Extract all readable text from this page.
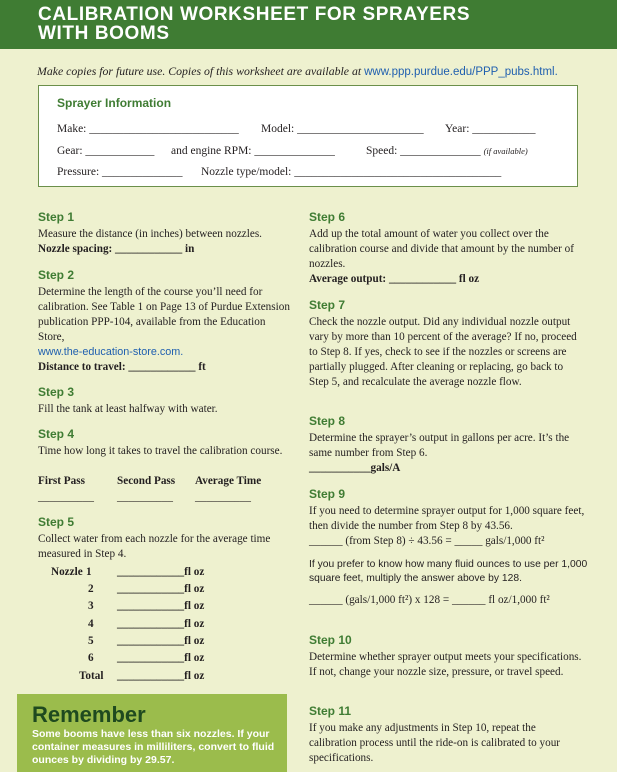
CALIBRATION WORKSHEET FOR SPRAYERS
WITH BOOMS
Make copies for future use. Copies of this worksheet are available at www.ppp.purdue.edu/PPP_pubs.html.
Sprayer Information
Make: __________________________ Model: ______________________ Year: ___________
Gear: ____________ and engine RPM: ______________	Speed: ______________ (if available)
Pressure: ______________ Nozzle type/model: ____________________________________
Step 1

Measure the distance (in inches) between nozzles.
Nozzle spacing: ____________ in

Step 2

Determine the length of the course you’ll need for calibration. See Table 1 on Page 13 of Purdue Extension publication PPP-104, available from the Education Store,
www.the-education-store.com.
Distance to travel: ____________ ft

Step 3

Fill the tank at least halfway with water.

Step 4

Time how long it takes to travel the calibration course.

First Pass	Second Pass Average Time
__________ __________ __________
Step 5

Collect water from each nozzle for the average time measured in Step 4.

Nozzle 1 ____________fl oz
2 ____________fl oz
3 ____________fl oz
4 ____________fl oz
5 ____________fl oz
6 ____________fl oz
Total ____________fl oz
Remember
Some booms have less than six nozzles. If your container measures in milliliters, convert to fluid ounces by dividing by 29.57.
Step 6

Add up the total amount of water you collect over the calibration course and divide that amount by the number of nozzles.
Average output: ____________ fl oz

Step 7

Check the nozzle output. Did any individual nozzle output vary by more than 10 percent of the average? If no, proceed to Step 8. If yes, check to see if the nozzles or screens are partially plugged. After cleaning or replacing, go back to Step 5, and recalculate the average nozzle flow.

Step 8

Determine the sprayer’s output in gallons per acre. It’s the same number from Step 6.
___________gals/A

Step 9

If you need to determine sprayer output for 1,000 square feet, then divide the number from Step 8 by 43.56.
______ (from Step 8) ÷ 43.56 = _____ gals/1,000 ft²

If you prefer to know how many fluid ounces to use per 1,000 square feet, multiply the answer above by 128.

______ (gals/1,000 ft²) x 128 = ______ fl oz/1,000 ft²

Step 10

Determine whether sprayer output meets your specifications. If not, change your nozzle size, pressure, or travel speed.

Step 11

If you make any adjustments in Step 10, repeat the calibration process until the ride-on is calibrated to your specifications.
